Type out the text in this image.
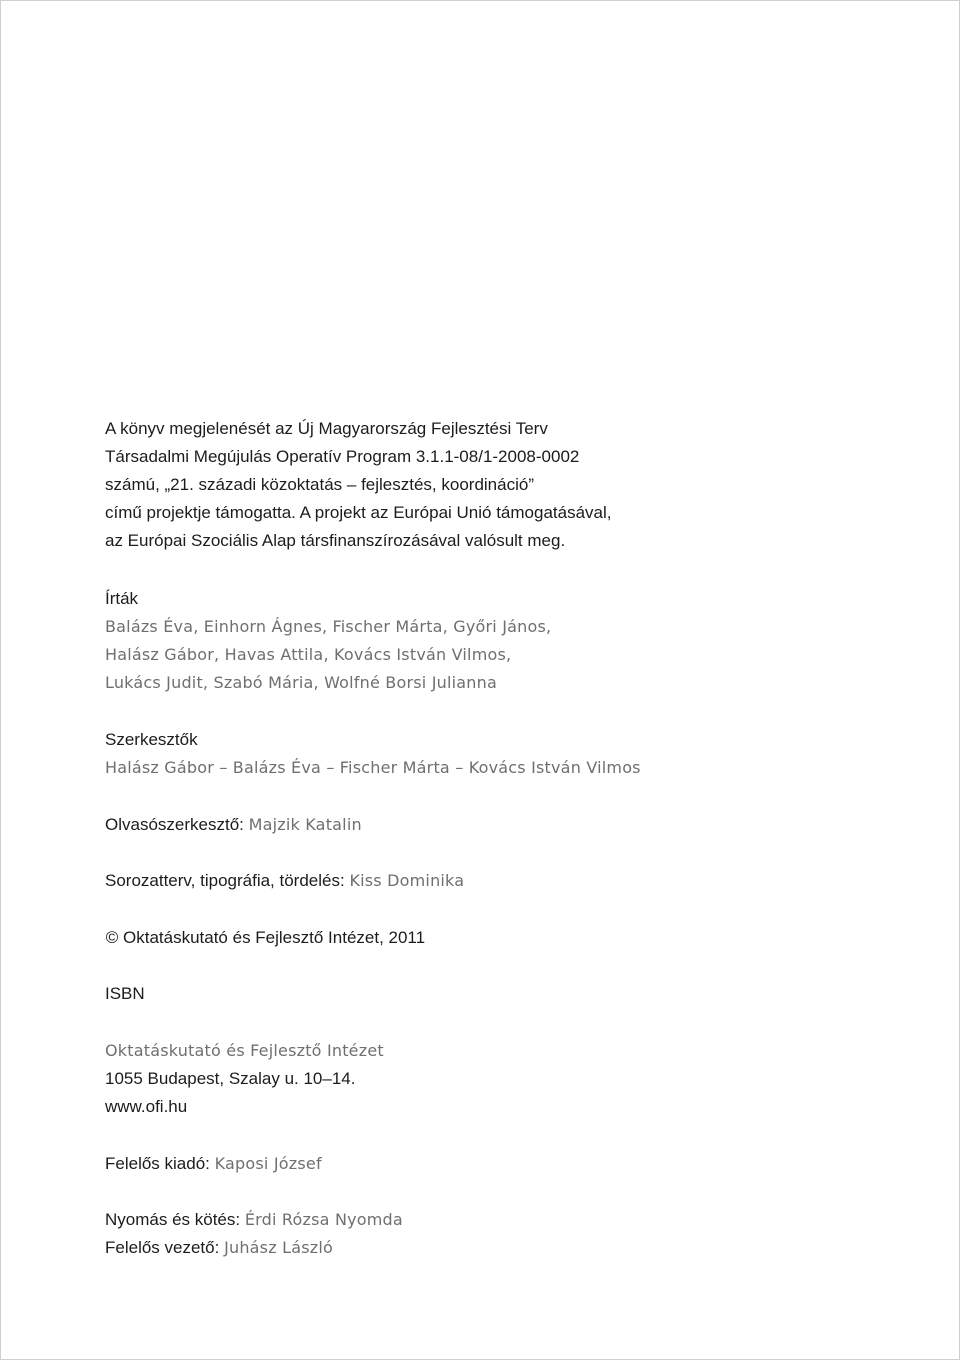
A könyv megjelenését az Új Magyarország Fejlesztési Terv
Társadalmi Megújulás Operatív Program 3.1.1-08/1-2008-0002
számú, „21. századi közoktatás – fejlesztés, koordináció”
című projektje támogatta. A projekt az Európai Unió támogatásával,
az Európai Szociális Alap társfinanszírozásával valósult meg.
Írták
Balázs Éva, Einhorn Ágnes, Fischer Márta, Győri János,
Halász Gábor, Havas Attila, Kovács István Vilmos,
Lukács Judit, Szabó Mária, Wolfné Borsi Julianna
Szerkesztők
Halász Gábor – Balázs Éva – Fischer Márta – Kovács István Vilmos
Olvasószerkesztő: Majzik Katalin
Sorozatterv, tipográfia, tördelés: Kiss Dominika
© Oktatáskutató és Fejlesztő Intézet, 2011
ISBN
Oktatáskutató és Fejlesztő Intézet
1055 Budapest, Szalay u. 10–14.
www.ofi.hu
Felelős kiadó: Kaposi József
Nyomás és kötés: Érdi Rózsa Nyomda
Felelős vezető: Juhász László
